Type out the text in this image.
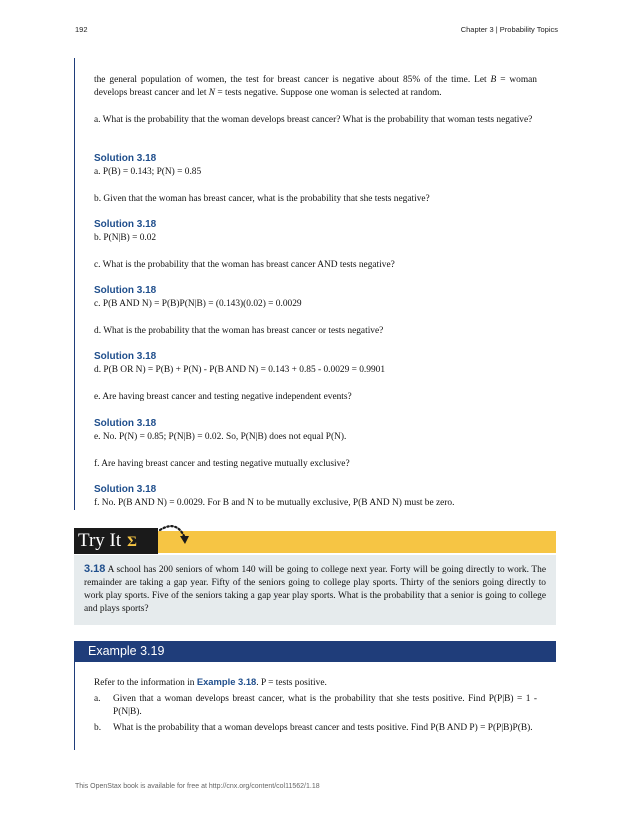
192	Chapter 3 | Probability Topics
the general population of women, the test for breast cancer is negative about 85% of the time. Let B = woman develops breast cancer and let N = tests negative. Suppose one woman is selected at random.
a. What is the probability that the woman develops breast cancer? What is the probability that woman tests negative?
Solution 3.18
a. P(B) = 0.143; P(N) = 0.85
b. Given that the woman has breast cancer, what is the probability that she tests negative?
Solution 3.18
b. P(N|B) = 0.02
c. What is the probability that the woman has breast cancer AND tests negative?
Solution 3.18
c. P(B AND N) = P(B)P(N|B) = (0.143)(0.02) = 0.0029
d. What is the probability that the woman has breast cancer or tests negative?
Solution 3.18
d. P(B OR N) = P(B) + P(N) - P(B AND N) = 0.143 + 0.85 - 0.0029 = 0.9901
e. Are having breast cancer and testing negative independent events?
Solution 3.18
e. No. P(N) = 0.85; P(N|B) = 0.02. So, P(N|B) does not equal P(N).
f. Are having breast cancer and testing negative mutually exclusive?
Solution 3.18
f. No. P(B AND N) = 0.0029. For B and N to be mutually exclusive, P(B AND N) must be zero.
Try It Σ
3.18 A school has 200 seniors of whom 140 will be going to college next year. Forty will be going directly to work. The remainder are taking a gap year. Fifty of the seniors going to college play sports. Thirty of the seniors going directly to work play sports. Five of the seniors taking a gap year play sports. What is the probability that a senior is going to college and plays sports?
Example 3.19
Refer to the information in Example 3.18. P = tests positive.
a. Given that a woman develops breast cancer, what is the probability that she tests positive. Find P(P|B) = 1 - P(N|B).
b. What is the probability that a woman develops breast cancer and tests positive. Find P(B AND P) = P(P|B)P(B).
This OpenStax book is available for free at http://cnx.org/content/col11562/1.18
